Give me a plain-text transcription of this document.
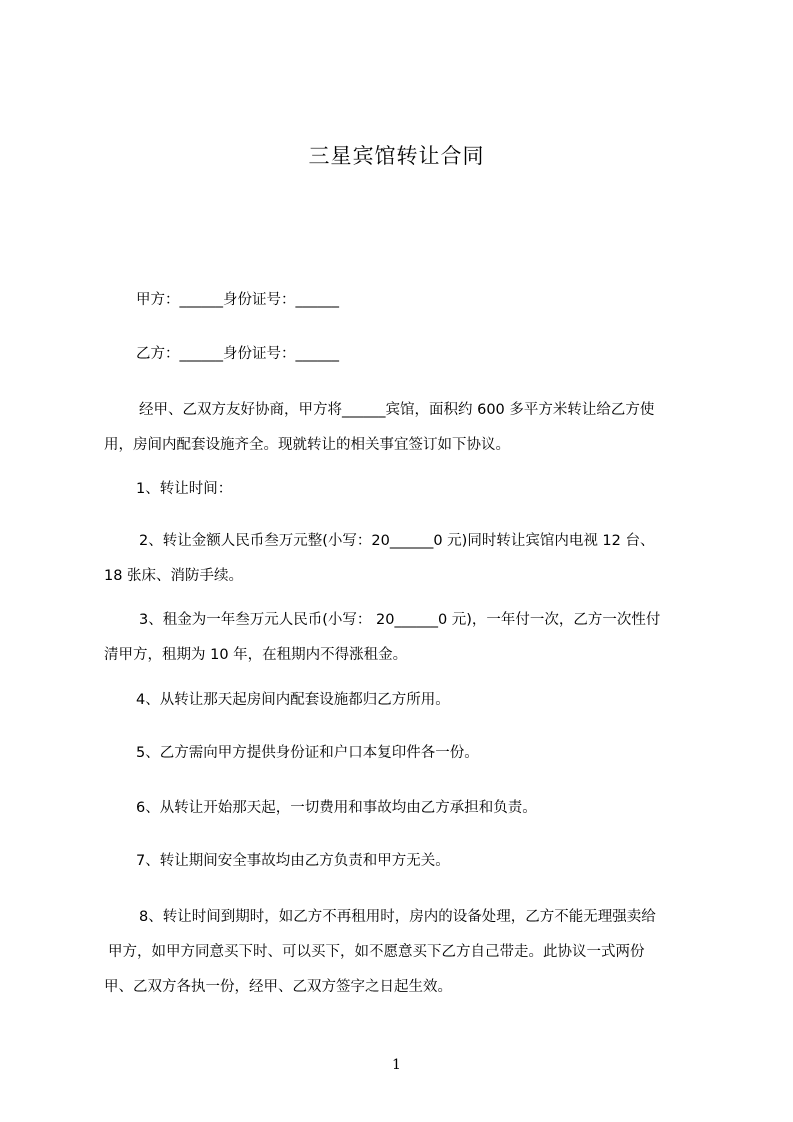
三星宾馆转让合同
甲方：______身份证号：______
乙方：______身份证号：______
经甲、乙双方友好协商，甲方将______宾馆，面积约 600 多平方米转让给乙方使
用，房间内配套设施齐全。现就转让的相关事宜签订如下协议。
1、转让时间：
2、转让金额人民币叁万元整(小写：20______0 元)同时转让宾馆内电视 12 台、
18 张床、消防手续。
3、租金为一年叁万元人民币(小写： 20______0 元)，一年付一次，乙方一次性付
清甲方，租期为 10 年，在租期内不得涨租金。
4、从转让那天起房间内配套设施都归乙方所用。
5、乙方需向甲方提供身份证和户口本复印件各一份。
6、从转让开始那天起，一切费用和事故均由乙方承担和负责。
7、转让期间安全事故均由乙方负责和甲方无关。
8、转让时间到期时，如乙方不再租用时，房内的设备处理，乙方不能无理强卖给
甲方，如甲方同意买下时、可以买下，如不愿意买下乙方自己带走。此协议一式两份
甲、乙双方各执一份，经甲、乙双方签字之日起生效。
1
